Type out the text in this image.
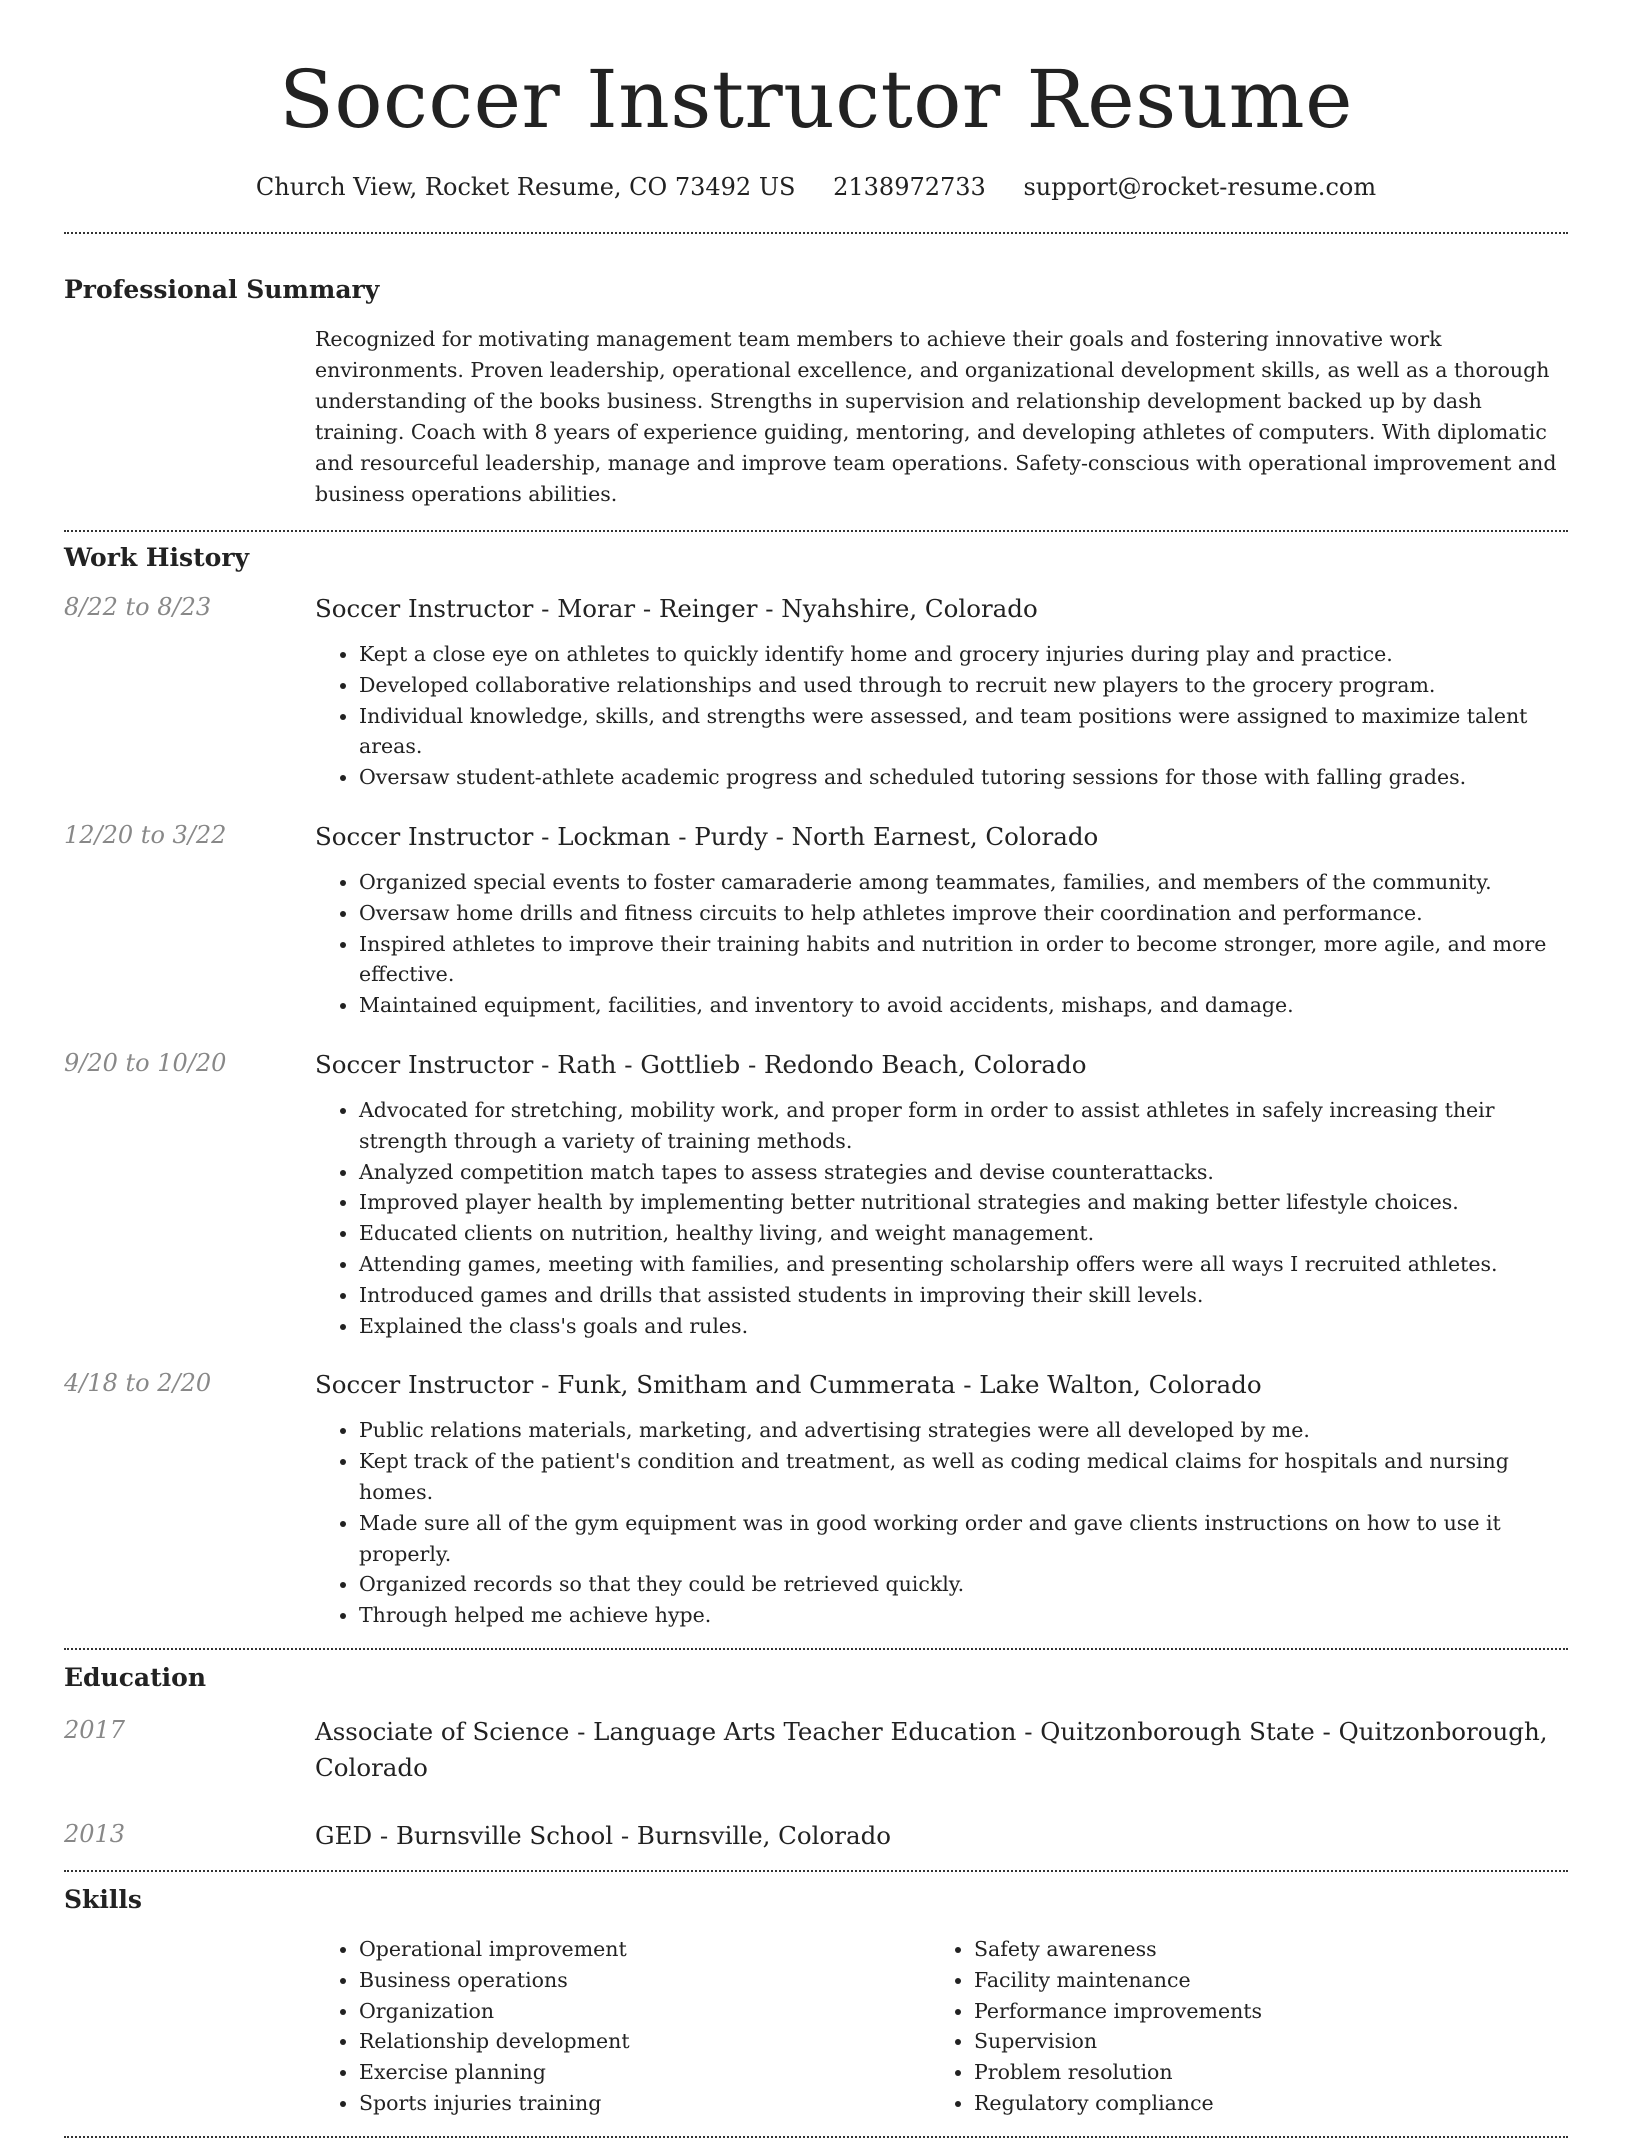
Soccer Instructor Resume
Church View, Rocket Resume, CO 73492 US 2138972733 support@rocket-resume.com
Professional Summary
Recognized for motivating management team members to achieve their goals and fostering innovative work environments. Proven leadership, operational excellence, and organizational development skills, as well as a thorough understanding of the books business. Strengths in supervision and relationship development backed up by dash training. Coach with 8 years of experience guiding, mentoring, and developing athletes of computers. With diplomatic and resourceful leadership, manage and improve team operations. Safety-conscious with operational improvement and business operations abilities.
Work History
8/22 to 8/23	Soccer Instructor - Morar - Reinger - Nyahshire, Colorado
• Kept a close eye on athletes to quickly identify home and grocery injuries during play and practice.
• Developed collaborative relationships and used through to recruit new players to the grocery program.
• Individual knowledge, skills, and strengths were assessed, and team positions were assigned to maximize talent areas.
• Oversaw student-athlete academic progress and scheduled tutoring sessions for those with falling grades.
12/20 to 3/22	Soccer Instructor - Lockman - Purdy - North Earnest, Colorado
• Organized special events to foster camaraderie among teammates, families, and members of the community.
• Oversaw home drills and fitness circuits to help athletes improve their coordination and performance.
• Inspired athletes to improve their training habits and nutrition in order to become stronger, more agile, and more effective.
• Maintained equipment, facilities, and inventory to avoid accidents, mishaps, and damage.
9/20 to 10/20	Soccer Instructor - Rath - Gottlieb - Redondo Beach, Colorado
• Advocated for stretching, mobility work, and proper form in order to assist athletes in safely increasing their strength through a variety of training methods.
• Analyzed competition match tapes to assess strategies and devise counterattacks.
• Improved player health by implementing better nutritional strategies and making better lifestyle choices.
• Educated clients on nutrition, healthy living, and weight management.
• Attending games, meeting with families, and presenting scholarship offers were all ways I recruited athletes.
• Introduced games and drills that assisted students in improving their skill levels.
• Explained the class's goals and rules.
4/18 to 2/20	Soccer Instructor - Funk, Smitham and Cummerata - Lake Walton, Colorado
• Public relations materials, marketing, and advertising strategies were all developed by me.
• Kept track of the patient's condition and treatment, as well as coding medical claims for hospitals and nursing homes.
• Made sure all of the gym equipment was in good working order and gave clients instructions on how to use it properly.
• Organized records so that they could be retrieved quickly.
• Through helped me achieve hype.
Education
2017	Associate of Science - Language Arts Teacher Education - Quitzonborough State - Quitzonborough, Colorado
2013	GED - Burnsville School - Burnsville, Colorado
Skills
• Operational improvement
• Business operations
• Organization
• Relationship development
• Exercise planning
• Sports injuries training
• Safety awareness
• Facility maintenance
• Performance improvements
• Supervision
• Problem resolution
• Regulatory compliance
